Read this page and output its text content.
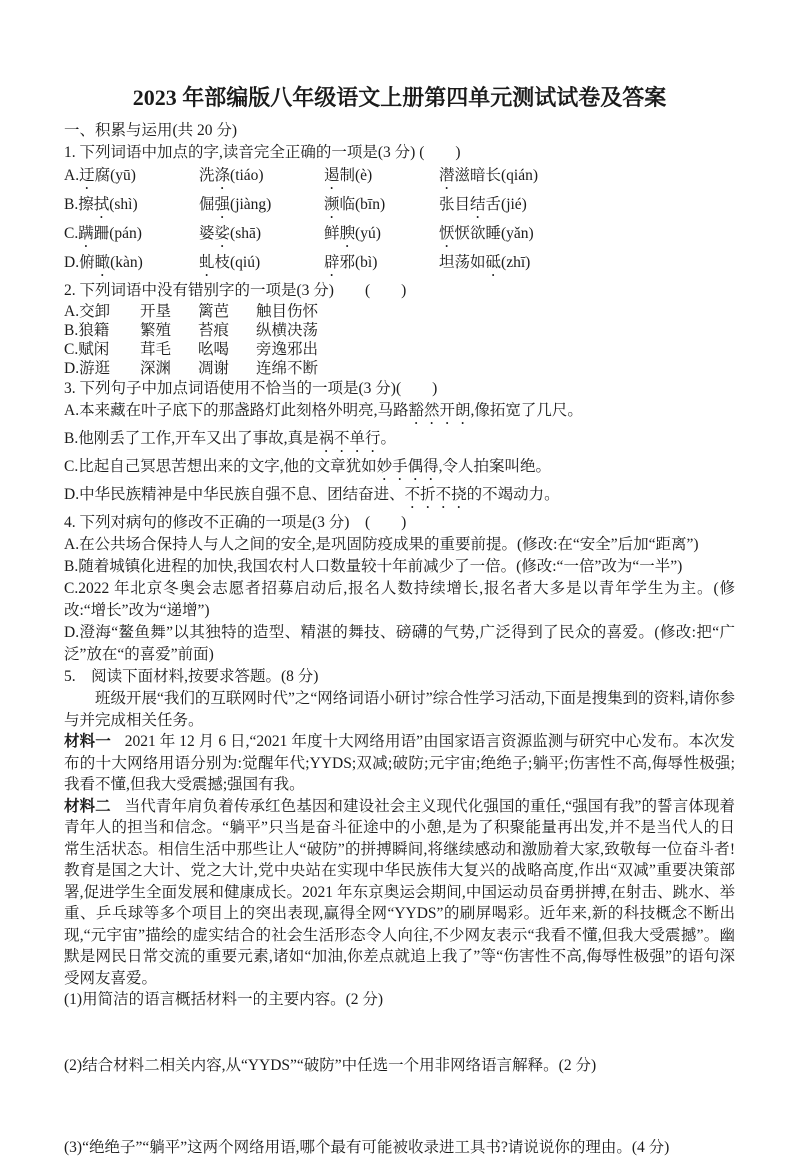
2023 年部编版八年级语文上册第四单元测试试卷及答案
一、积累与运用(共 20 分)
1. 下列词语中加点的字,读音完全正确的一项是(3 分) (　　)
A.迂腐(yū)	洗涤(tiáo)	遏制(è)	潜滋暗长(qián)
B.擦拭(shì)	倔强(jiàng)	濒临(bīn)	张目结舌(jié)
C.蹒跚(pán)	婆娑(shā)	鲜腴(yú)	恹恹欲睡(yǎn)
D.俯瞰(kàn)	虬枝(qiú)	辟邪(bì)	坦荡如砥(zhī)
2. 下列词语中没有错别字的一项是(3 分)　　(　　)
A.交卸	开垦	篱芭	触目伤怀
B.狼籍	繁殖	苔痕	纵横决荡
C.赋闲	茸毛	吆喝	旁逸邪出
D.游逛	深渊	凋谢	连绵不断
3. 下列句子中加点词语使用不恰当的一项是(3 分)(　　)
A.本来藏在叶子底下的那盏路灯此刻格外明亮,马路豁然开朗,像拓宽了几尺。
B.他刚丢了工作,开车又出了事故,真是祸不单行。
C.比起自己冥思苦想出来的文字,他的文章犹如妙手偶得,令人拍案叫绝。
D.中华民族精神是中华民族自强不息、团结奋进、不折不挠的不竭动力。
4. 下列对病句的修改不正确的一项是(3 分)　(　　)
A.在公共场合保持人与人之间的安全,是巩固防疫成果的重要前提。(修改:在“安全”后加“距离”)
B.随着城镇化进程的加快,我国农村人口数量较十年前减少了一倍。(修改:“一倍”改为“一半”)
C.2022 年北京冬奥会志愿者招募启动后,报名人数持续增长,报名者大多是以青年学生为主。(修改:“增长”改为“递增”)
D.澄海“鳌鱼舞”以其独特的造型、精湛的舞技、磅礴的气势,广泛得到了民众的喜爱。(修改:把“广泛”放在“的喜爱”前面)
5.　阅读下面材料,按要求答题。(8 分)
班级开展“我们的互联网时代”之“网络词语小研讨”综合性学习活动,下面是搜集到的资料,请你参与并完成相关任务。
材料一 2021 年 12 月 6 日,“2021 年度十大网络用语”由国家语言资源监测与研究中心发布。本次发布的十大网络用语分别为:觉醒年代;YYDS;双减;破防;元宇宙;绝绝子;躺平;伤害性不高,侮辱性极强;我看不懂,但我大受震撼;强国有我。
材料二 当代青年肩负着传承红色基因和建设社会主义现代化强国的重任,“强国有我”的誓言体现着青年人的担当和信念。“躺平”只当是奋斗征途中的小憩,是为了积聚能量再出发,并不是当代人的日常生活状态。相信生活中那些让人“破防”的拼搏瞬间,将继续感动和激励着大家,致敬每一位奋斗者!教育是国之大计、党之大计,党中央站在实现中华民族伟大复兴的战略高度,作出“双减”重要决策部署,促进学生全面发展和健康成长。2021 年东京奥运会期间,中国运动员奋勇拼搏,在射击、跳水、举重、乒乓球等多个项目上的突出表现,赢得全网“YYDS”的刷屏喝彩。近年来,新的科技概念不断出现,“元宇宙”描绘的虚实结合的社会生活形态令人向往,不少网友表示“我看不懂,但我大受震撼”。幽默是网民日常交流的重要元素,诸如“加油,你差点就追上我了”等“伤害性不高,侮辱性极强”的语句深受网友喜爱。
(1)用简洁的语言概括材料一的主要内容。(2 分)
(2)结合材料二相关内容,从“YYDS”“破防”中任选一个用非网络语言解释。(2 分)
(3)“绝绝子”“躺平”这两个网络用语,哪个最有可能被收录进工具书?请说说你的理由。(4 分)
